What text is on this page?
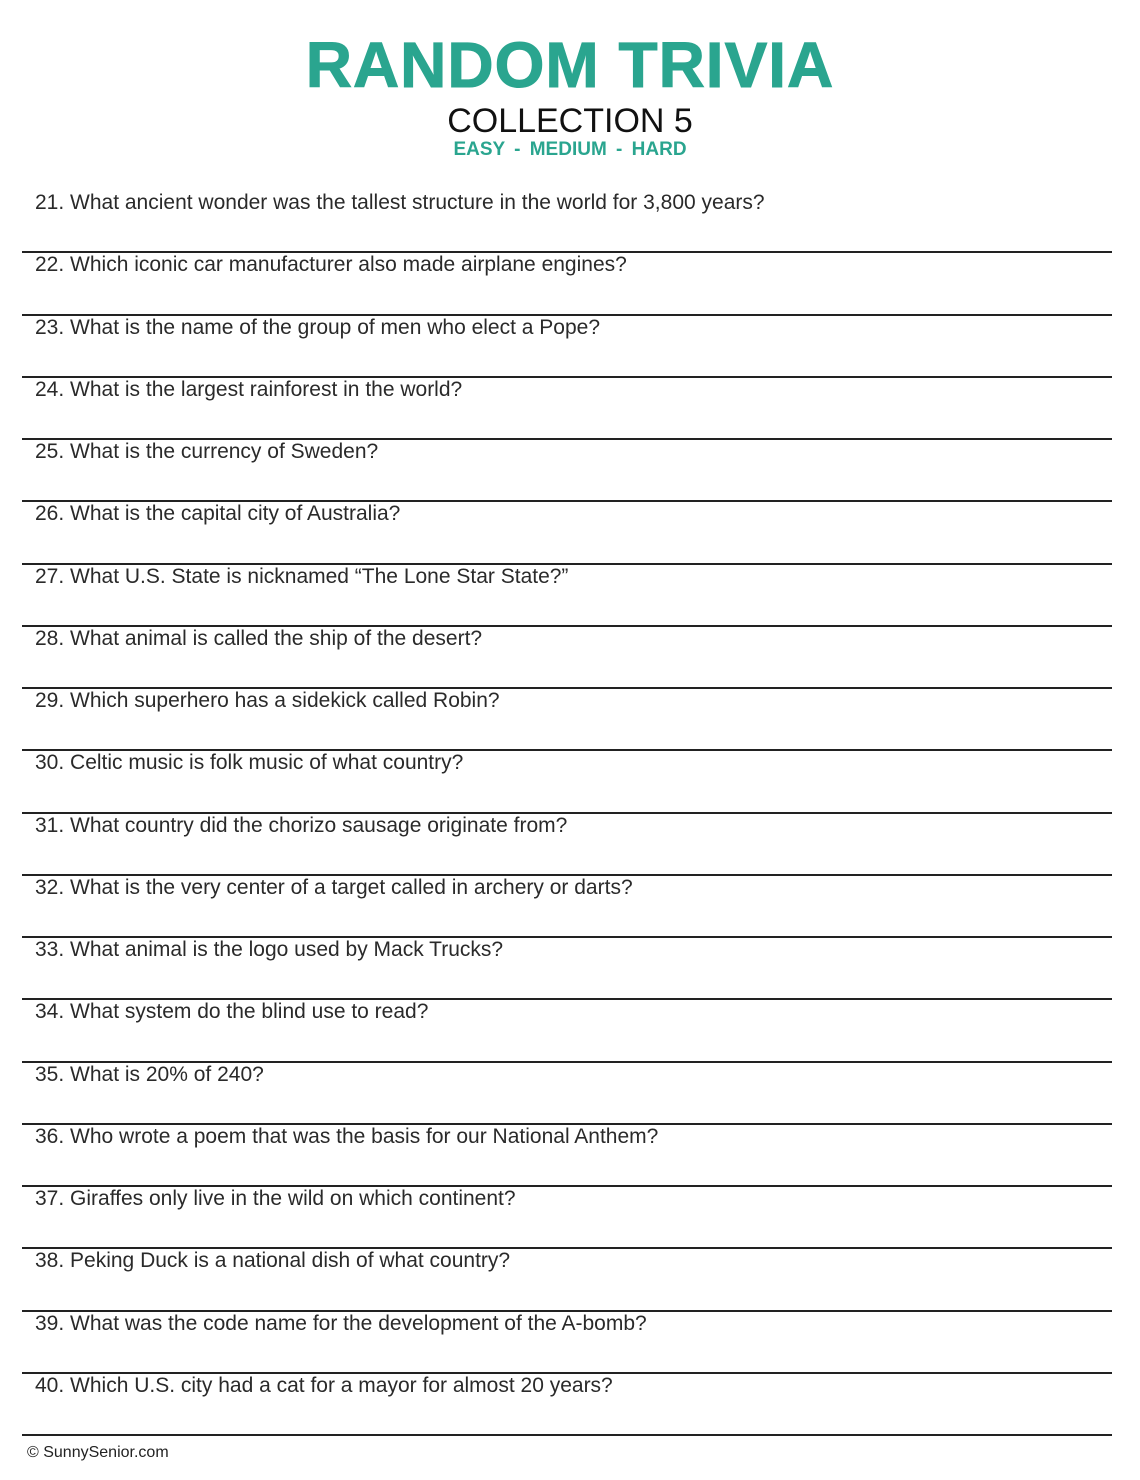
RANDOM TRIVIA
COLLECTION 5
EASY - MEDIUM - HARD
21. What ancient wonder was the tallest structure in the world for 3,800 years?
22. Which iconic car manufacturer also made airplane engines?
23. What is the name of the group of men who elect a Pope?
24. What is the largest rainforest in the world?
25. What is the currency of Sweden?
26. What is the capital city of Australia?
27. What U.S. State is nicknamed “The Lone Star State?”
28. What animal is called the ship of the desert?
29. Which superhero has a sidekick called Robin?
30. Celtic music is folk music of what country?
31. What country did the chorizo sausage originate from?
32. What is the very center of a target called in archery or darts?
33. What animal is the logo used by Mack Trucks?
34. What system do the blind use to read?
35. What is 20% of 240?
36. Who wrote a poem that was the basis for our National Anthem?
37. Giraffes only live in the wild on which continent?
38. Peking Duck is a national dish of what country?
39. What was the code name for the development of the A-bomb?
40. Which U.S. city had a cat for a mayor for almost 20 years?
© SunnySenior.com
